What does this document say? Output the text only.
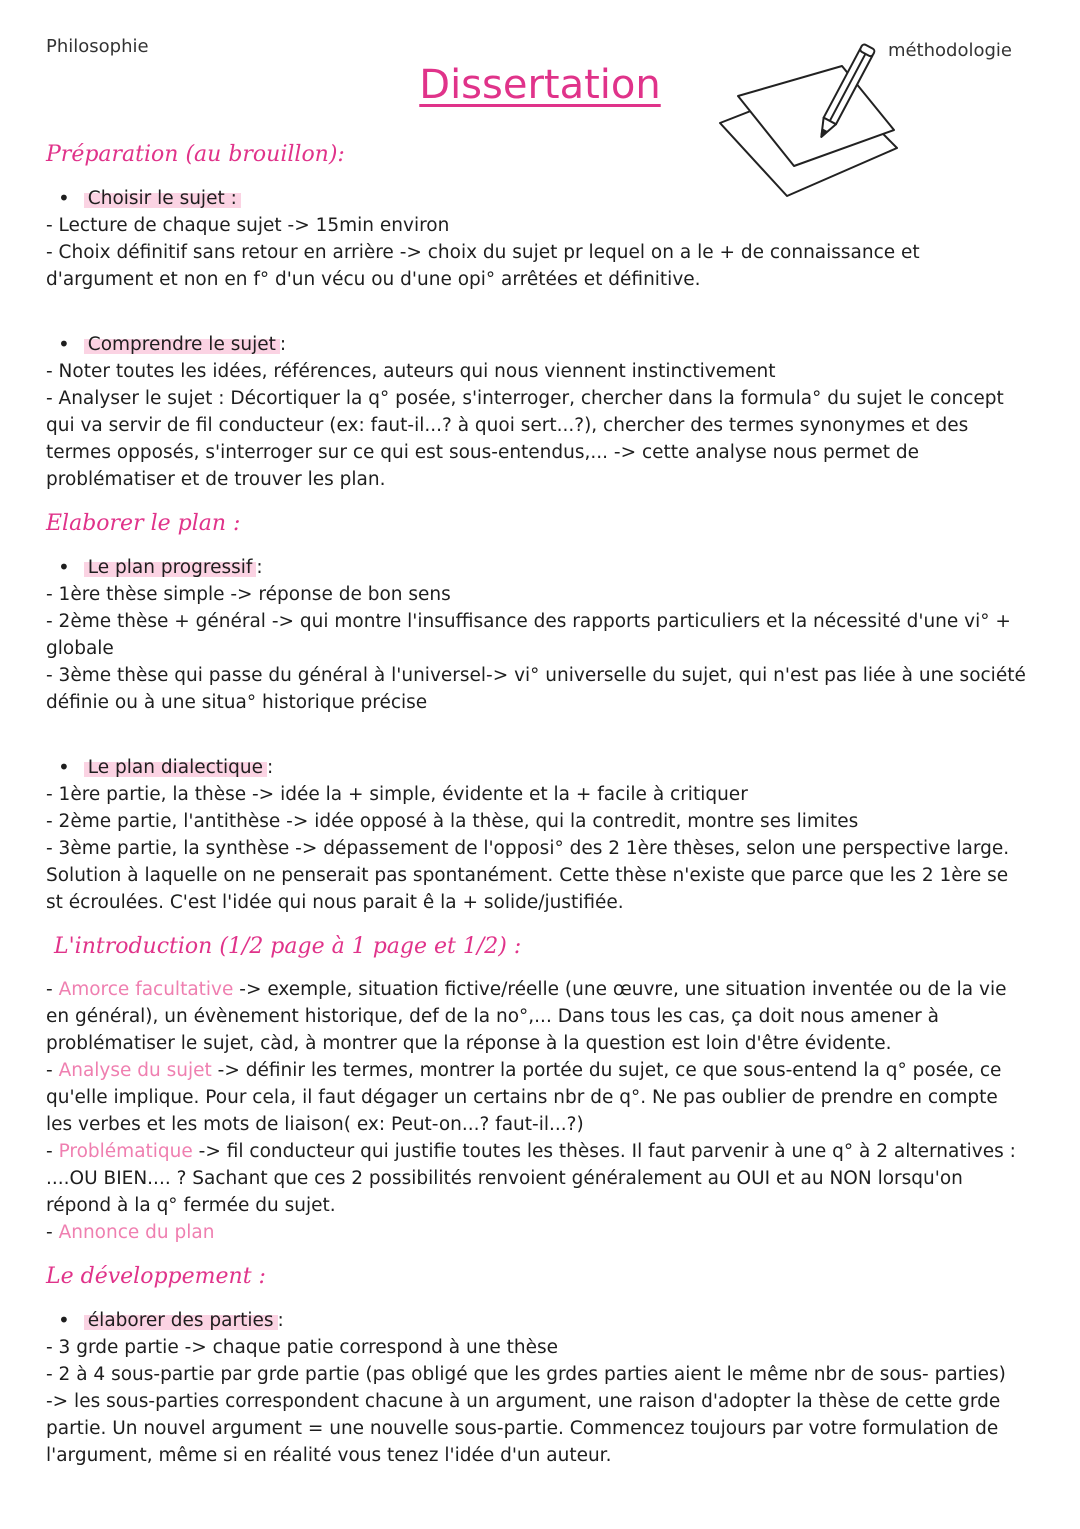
Philosophie	méthodologie
Dissertation
Préparation (au brouillon):
• Choisir le sujet :

- Lecture de chaque sujet -> 15min environ

- Choix définitif sans retour en arrière -> choix du sujet pr lequel on a le + de connaissance et d'argument et non en f° d'un vécu ou d'une opi° arrêtées et définitive.

• Comprendre le sujet :

- Noter toutes les idées, références, auteurs qui nous viennent instinctivement

- Analyser le sujet : Décortiquer la q° posée, s'interroger, chercher dans la formula° du sujet le concept qui va servir de fil conducteur (ex: faut-il...? à quoi sert...?), chercher des termes synonymes et des termes opposés, s'interroger sur ce qui est sous-entendus,... -> cette analyse nous permet de problématiser et de trouver les plan.

Elaborer le plan :
• Le plan progressif :

- 1ère thèse simple -> réponse de bon sens

- 2ème thèse + général -> qui montre l'insuffisance des rapports particuliers et la nécessité d'une vi° + globale

- 3ème thèse qui passe du général à l'universel-> vi° universelle du sujet, qui n'est pas liée à une société définie ou à une situa° historique précise

• Le plan dialectique :

- 1ère partie, la thèse -> idée la + simple, évidente et la + facile à critiquer

- 2ème partie, l'antithèse -> idée opposé à la thèse, qui la contredit, montre ses limites

- 3ème partie, la synthèse -> dépassement de l'opposi° des 2 1ère thèses, selon une perspective large. Solution à laquelle on ne penserait pas spontanément. Cette thèse n'existe que parce que les 2 1ère se st écroulées. C'est l'idée qui nous parait ê la + solide/justifiée.

L'introduction (1/2 page à 1 page et 1/2) :

- Amorce facultative -> exemple, situation fictive/réelle (une œuvre, une situation inventée ou de la vie en général), un évènement historique, def de la no°,... Dans tous les cas, ça doit nous amener à problématiser le sujet, càd, à montrer que la réponse à la question est loin d'être évidente.

- Analyse du sujet -> définir les termes, montrer la portée du sujet, ce que sous-entend la q° posée, ce qu'elle implique. Pour cela, il faut dégager un certains nbr de q°. Ne pas oublier de prendre en compte les verbes et les mots de liaison( ex: Peut-on...? faut-il...?)

- Problématique -> fil conducteur qui justifie toutes les thèses. Il faut parvenir à une q° à 2 alternatives : ....OU BIEN.... ? Sachant que ces 2 possibilités renvoient généralement au OUI et au NON lorsqu'on répond à la q° fermée du sujet.

- Annonce du plan

Le développement :
• élaborer des parties :

- 3 grde partie -> chaque patie correspond à une thèse

- 2 à 4 sous-partie par grde partie (pas obligé que les grdes parties aient le même nbr de sous- parties)

-> les sous-parties correspondent chacune à un argument, une raison d'adopter la thèse de cette grde partie. Un nouvel argument = une nouvelle sous-partie. Commencez toujours par votre formulation de l'argument, même si en réalité vous tenez l'idée d'un auteur.
